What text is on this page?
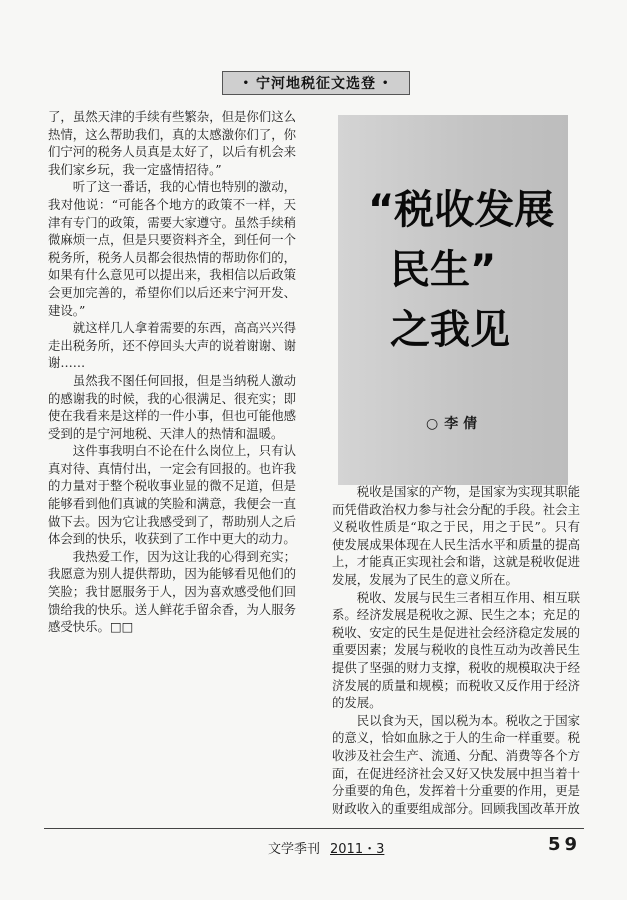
• 宁河地税征文选登 •

了，虽然天津的手续有些繁杂，但是你们这么热情，这么帮助我们，真的太感激你们了，你们宁河的税务人员真是太好了，以后有机会来我们家乡玩，我一定盛情招待。”

听了这一番话，我的心情也特别的激动，我对他说：“可能各个地方的政策不一样，天津有专门的政策，需要大家遵守。虽然手续稍微麻烦一点，但是只要资料齐全，到任何一个税务所，税务人员都会很热情的帮助你们的，如果有什么意见可以提出来，我相信以后政策会更加完善的，希望你们以后还来宁河开发、建设。”

就这样几人拿着需要的东西，高高兴兴得走出税务所，还不停回头大声的说着谢谢、谢谢……

虽然我不图任何回报，但是当纳税人激动的感谢我的时候，我的心很满足、很充实；即使在我看来是这样的一件小事，但也可能他感受到的是宁河地税、天津人的热情和温暖。

这件事我明白不论在什么岗位上，只有认真对待、真情付出，一定会有回报的。也许我的力量对于整个税收事业显的微不足道，但是能够看到他们真诚的笑脸和满意，我便会一直做下去。因为它让我感受到了，帮助别人之后体会到的快乐，收获到了工作中更大的动力。

我热爱工作，因为这让我的心得到充实；我愿意为别人提供帮助，因为能够看见他们的笑脸；我甘愿服务于人，因为喜欢感受他们回馈给我的快乐。送人鲜花手留余香，为人服务感受快乐。□□

“税收发展
民生”
之我见
○ 李 倩

税收是国家的产物，是国家为实现其职能而凭借政治权力参与社会分配的手段。社会主义税收性质是“取之于民，用之于民”。只有使发展成果体现在人民生活水平和质量的提高上，才能真正实现社会和谐，这就是税收促进发展，发展为了民生的意义所在。

税收、发展与民生三者相互作用、相互联系。经济发展是税收之源、民生之本；充足的税收、安定的民生是促进社会经济稳定发展的重要因素；发展与税收的良性互动为改善民生提供了坚强的财力支撑，税收的规模取决于经济发展的质量和规模；而税收又反作用于经济的发展。

民以食为天，国以税为本。税收之于国家的意义，恰如血脉之于人的生命一样重要。税收涉及社会生产、流通、分配、消费等各个方面，在促进经济社会又好又快发展中担当着十分重要的角色，发挥着十分重要的作用，更是财政收入的重要组成部分。回顾我国改革开放

文学季刊 2011・3	59
